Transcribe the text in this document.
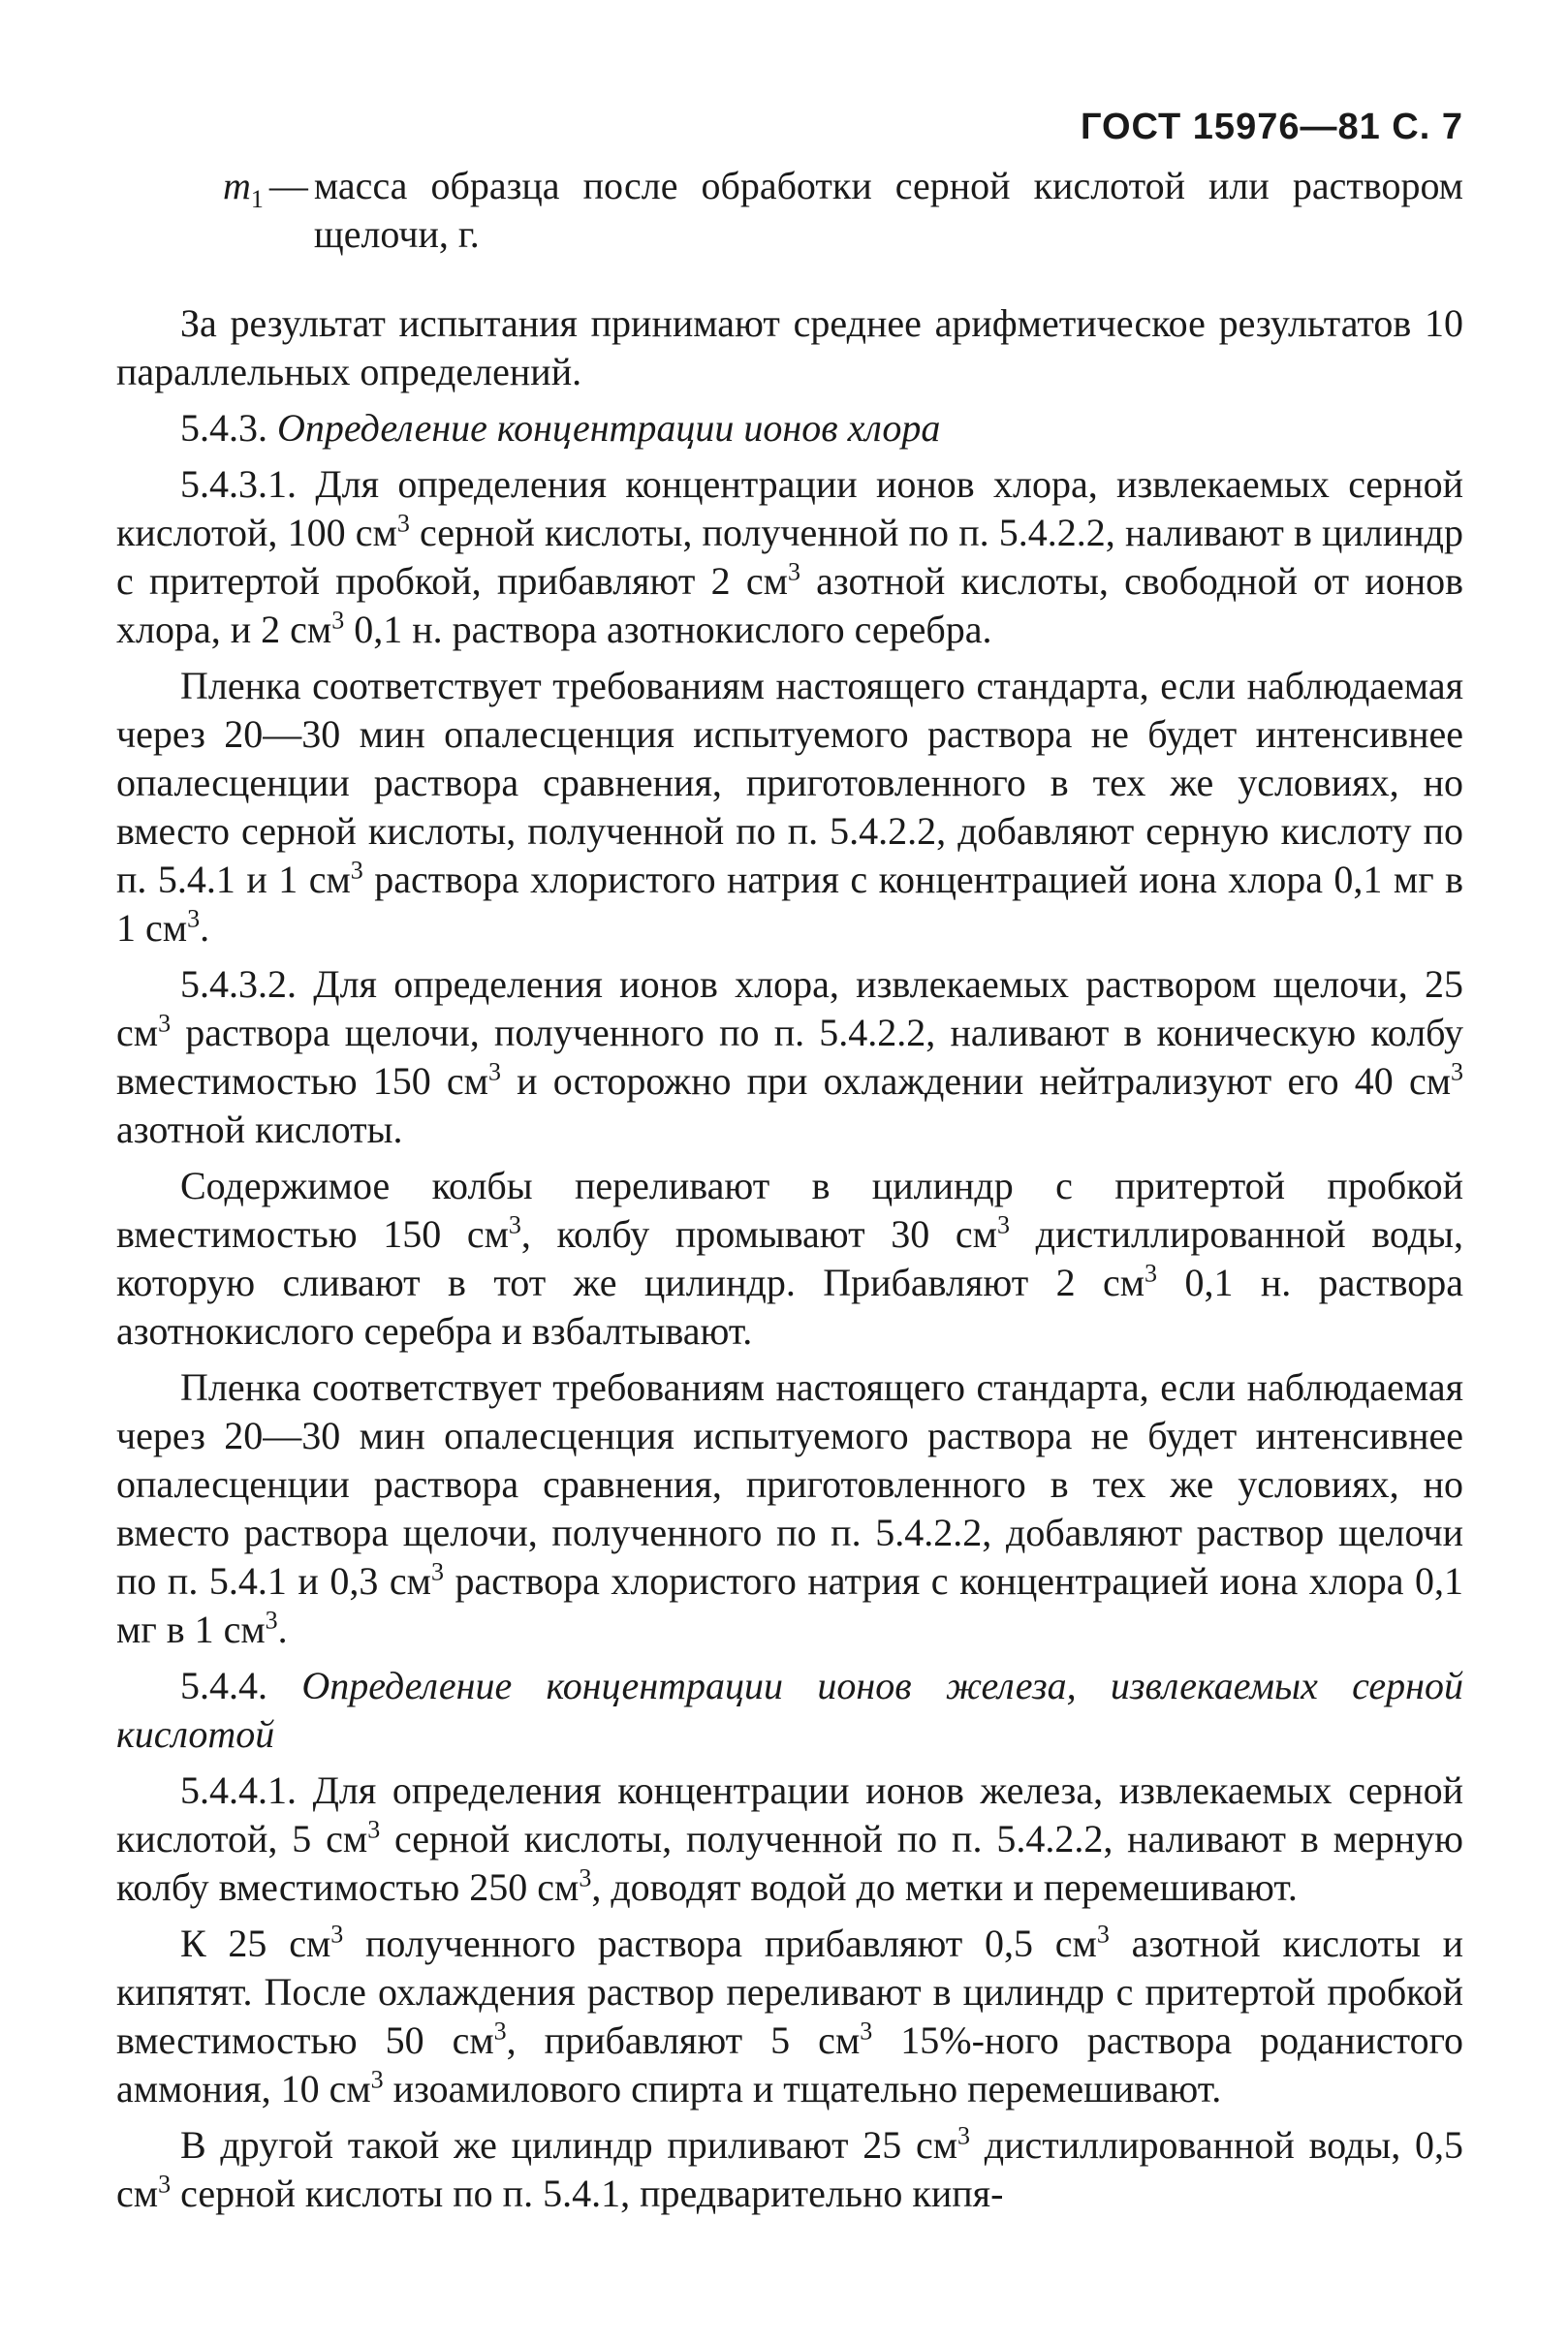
ГОСТ 15976—81 С. 7
$m_1$ — масса образца после обработки серной кислотой или раствором щелочи, г.

За результат испытания принимают среднее арифметическое результатов 10 параллельных определений.

5.4.3. Определение концентрации ионов хлора

5.4.3.1. Для определения концентрации ионов хлора, извлекаемых серной кислотой, 100 $см^3$ серной кислоты, полученной по п. 5.4.2.2, наливают в цилиндр с притертой пробкой, прибавляют 2 $см^3$ азотной кислоты, свободной от ионов хлора, и 2 $см^3$ 0,1 н. раствора азотнокислого серебра.

Пленка соответствует требованиям настоящего стандарта, если наблюдаемая через 20—30 мин опалесценция испытуемого раствора не будет интенсивнее опалесценции раствора сравнения, приготовленного в тех же условиях, но вместо серной кислоты, полученной по п. 5.4.2.2, добавляют серную кислоту по п. 5.4.1 и 1 $см^3$ раствора хлористого натрия с концентрацией иона хлора 0,1 мг в 1 $см^3$.

5.4.3.2. Для определения ионов хлора, извлекаемых раствором щелочи, 25 $см^3$ раствора щелочи, полученного по п. 5.4.2.2, наливают в коническую колбу вместимостью 150 $см^3$ и осторожно при охлаждении нейтрализуют его 40 $см^3$ азотной кислоты.

Содержимое колбы переливают в цилиндр с притертой пробкой вместимостью 150 $см^3$, колбу промывают 30 $см^3$ дистиллированной воды, которую сливают в тот же цилиндр. Прибавляют 2 $см^3$ 0,1 н. раствора азотнокислого серебра и взбалтывают.

Пленка соответствует требованиям настоящего стандарта, если наблюдаемая через 20—30 мин опалесценция испытуемого раствора не будет интенсивнее опалесценции раствора сравнения, приготовленного в тех же условиях, но вместо раствора щелочи, полученного по п. 5.4.2.2, добавляют раствор щелочи по п. 5.4.1 и 0,3 $см^3$ раствора хлористого натрия с концентрацией иона хлора 0,1 мг в 1 $см^3$.

5.4.4. Определение концентрации ионов железа, извлекаемых серной кислотой

5.4.4.1. Для определения концентрации ионов железа, извлекаемых серной кислотой, 5 $см^3$ серной кислоты, полученной по п. 5.4.2.2, наливают в мерную колбу вместимостью 250 $см^3$, доводят водой до метки и перемешивают.

К 25 $см^3$ полученного раствора прибавляют 0,5 $см^3$ азотной кислоты и кипятят. После охлаждения раствор переливают в цилиндр с притертой пробкой вместимостью 50 $см^3$, прибавляют 5 $см^3$ 15%-ного раствора роданистого аммония, 10 $см^3$ изоамилового спирта и тщательно перемешивают.

В другой такой же цилиндр приливают 25 $см^3$ дистиллированной воды, 0,5 $см^3$ серной кислоты по п. 5.4.1, предварительно кипя-
